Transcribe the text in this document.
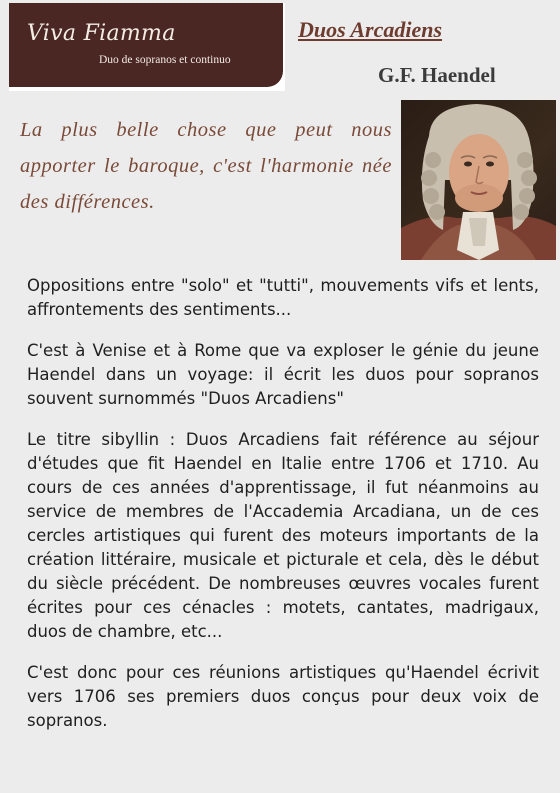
Viva Fiamma
Duo de sopranos et continuo
Duos Arcadiens
G.F. Haendel
La plus belle chose que peut nous apporter le baroque, c'est l'harmonie née des différences.

Oppositions entre "solo" et "tutti", mouvements vifs et lents, affrontements des sentiments...

C'est à Venise et à Rome que va exploser le génie du jeune Haendel dans un voyage: il écrit les duos pour sopranos souvent surnommés "Duos Arcadiens"

Le titre sibyllin : Duos Arcadiens fait référence au séjour d'études que fit Haendel en Italie entre 1706 et 1710. Au cours de ces années d'apprentissage, il fut néanmoins au service de membres de l'Accademia Arcadiana, un de ces cercles artistiques qui furent des moteurs importants de la création littéraire, musicale et picturale et cela, dès le début du siècle précédent. De nombreuses œuvres vocales furent écrites pour ces cénacles : motets, cantates, madrigaux, duos de chambre, etc...

C'est donc pour ces réunions artistiques qu'Haendel écrivit vers 1706 ses premiers duos conçus pour deux voix de sopranos.
